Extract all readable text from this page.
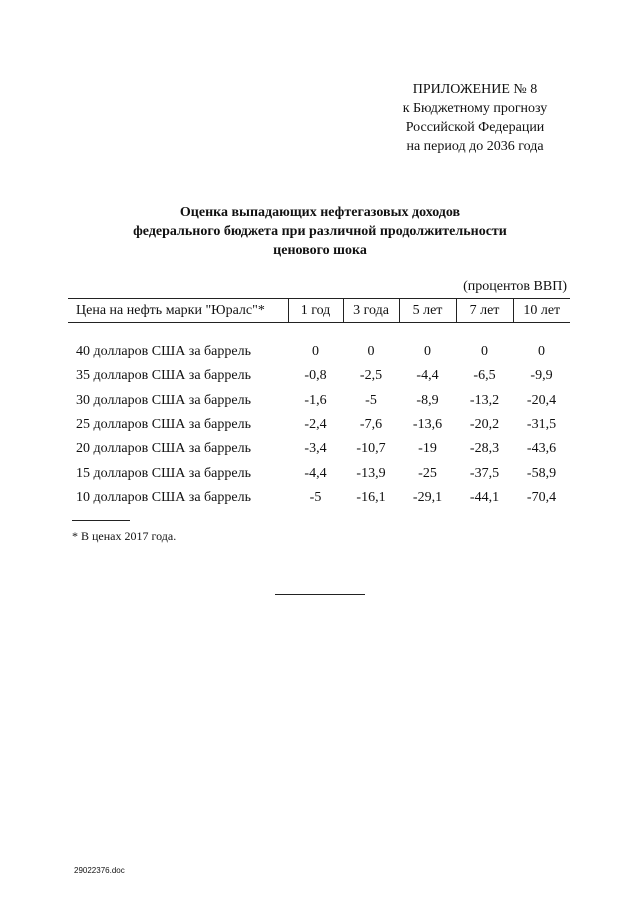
ПРИЛОЖЕНИЕ № 8
к Бюджетному прогнозу
Российской Федерации
на период до 2036 года
Оценка выпадающих нефтегазовых доходов
федерального бюджета при различной продолжительности
ценового шока
(процентов ВВП)
Цена на нефть марки "Юралс"*	1 год	3 года	5 лет	7 лет	10 лет

40 долларов США за баррель	0	0	0	0	0
35 долларов США за баррель	-0,8	-2,5	-4,4	-6,5	-9,9
30 долларов США за баррель	-1,6	-5	-8,9	-13,2	-20,4
25 долларов США за баррель	-2,4	-7,6	-13,6	-20,2	-31,5
20 долларов США за баррель	-3,4	-10,7	-19	-28,3	-43,6
15 долларов США за баррель	-4,4	-13,9	-25	-37,5	-58,9
10 долларов США за баррель	-5	-16,1	-29,1	-44,1	-70,4
* В ценах 2017 года.
29022376.doc
